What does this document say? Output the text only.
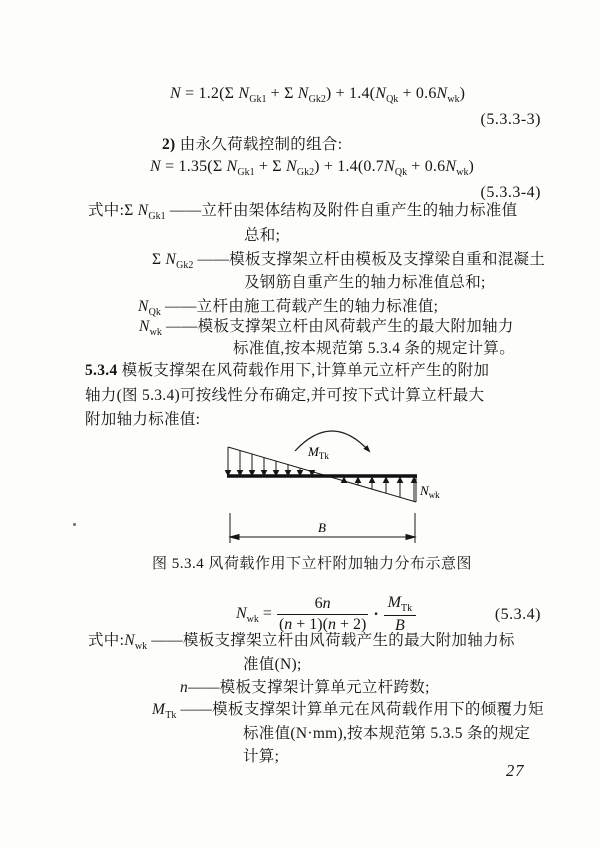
N = 1.2(Σ $N_{Gk1} + \Sigma$ $N_{Gk2}) + 1.4(N_{Qk} + 0.6N_{wk})$
(5.3.3-3)
2) 由永久荷载控制的组合:
N = 1.35(Σ $N_{Gk1} + \Sigma$ $N_{Gk2}) + 1.4(0.7N_{Qk} + 0.6N_{wk})$
(5.3.3-4)
式中:Σ $N_{Gk1}$ ——立杆由架体结构及附件自重产生的轴力标准值
总和;
Σ $N_{Gk2}$ ——模板支撑架立杆由模板及支撑梁自重和混凝土
及钢筋自重产生的轴力标准值总和;
$N_{Qk}$ ——立杆由施工荷载产生的轴力标准值;
$N_{wk}$ ——模板支撑架立杆由风荷载产生的最大附加轴力
标准值,按本规范第 5.3.4 条的规定计算。
5.3.4 模板支撑架在风荷载作用下,计算单元立杆产生的附加
轴力(图 5.3.4)可按线性分布确定,并可按下式计算立杆最大
附加轴力标准值:
$M_{Tk}$
$N_{wk}$
B
图 5.3.4 风荷载作用下立杆附加轴力分布示意图
$N_{wk} = \frac{6n}{(n + 1)(n + 2)} \cdot \frac{M_{Tk}}{B}$	(5.3.4)
式中$:N_{wk}$ ——模板支撑架立杆由风荷载产生的最大附加轴力标
准值(N);
n——模板支撑架计算单元立杆跨数;
$M_{Tk}$ ——模板支撑架计算单元在风荷载作用下的倾覆力矩
标准值(N·mm),按本规范第 5.3.5 条的规定
计算;
27
